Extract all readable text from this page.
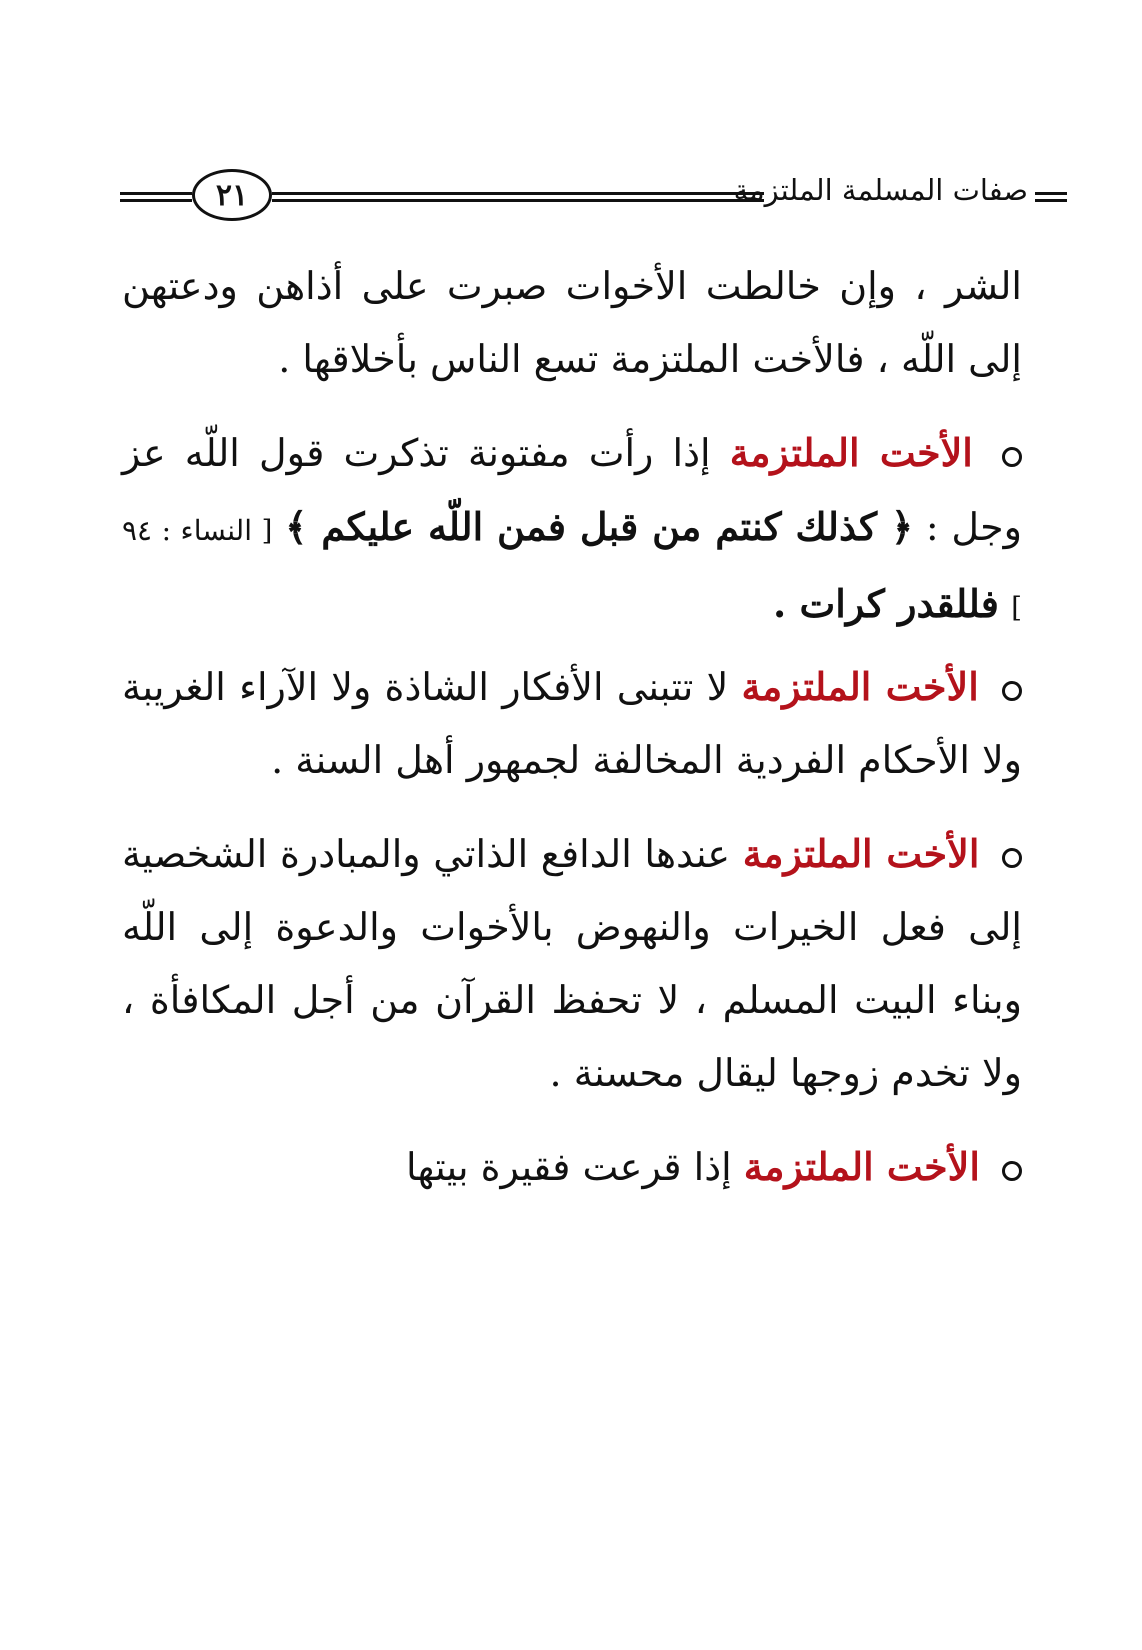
٢١	صفات المسلمة الملتزمة

الشر ، وإن خالطت الأخوات صبرت على أذاهن ودعتهن إلى اللّه ، فالأخت الملتزمة تسع الناس بأخلاقها .

الأخت الملتزمة إذا رأت مفتونة تذكرت قول اللّه عز وجل : ﴿ كذلك كنتم من قبل فمن اللّه عليكم ﴾ [ النساء : ٩٤ ] فللقدر كرات .

الأخت الملتزمة لا تتبنى الأفكار الشاذة ولا الآراء الغريبة ولا الأحكام الفردية المخالفة لجمهور أهل السنة .

الأخت الملتزمة عندها الدافع الذاتي والمبادرة الشخصية إلى فعل الخيرات والنهوض بالأخوات والدعوة إلى اللّه وبناء البيت المسلم ، لا تحفظ القرآن من أجل المكافأة ، ولا تخدم زوجها ليقال محسنة .

الأخت الملتزمة إذا قرعت فقيرة بيتها
